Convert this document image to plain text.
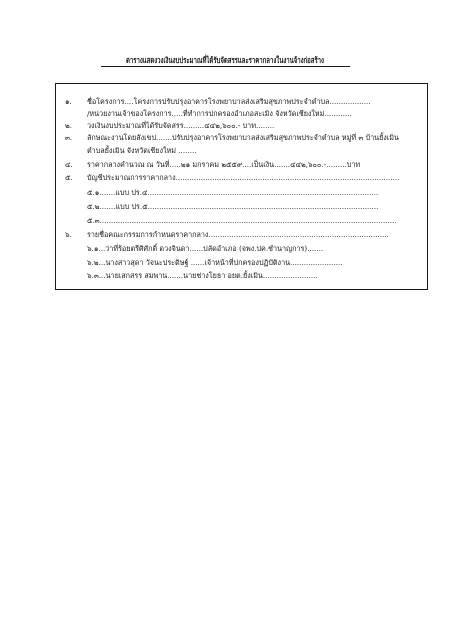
ตารางแสดงวงเงินงบประมาณที่ได้รับจัดสรรและราคากลางในงานจ้างก่อสร้าง
๑. ชื่อโครงการ....โครงการปรับปรุงอาคารโรงพยาบาลส่งเสริมสุขภาพประจำตำบล..................
/หน่วยงานเจ้าของโครงการ.....ที่ทำการปกครองอำเภอสะเมิง จังหวัดเชียงใหม่............
๒. วงเงินงบประมาณที่ได้รับจัดสรร.........๔๔๒,๖๐๐.- บาท........
๓. ลักษณะงานโดยสังเขป.......ปรับปรุงอาคารโรงพยาบาลส่งเสริมสุขภาพประจำตำบล หมู่ที่ ๓ บ้านยั้งเมิน
ตำบลยั้งเมิน จังหวัดเชียงใหม่ ........
๔. ราคากลางคำนวณ ณ วันที่.....๒๑ มกราคม ๒๕๕๙....เป็นเงิน.......๔๔๒,๖๐๐.-.........บาท
๕. บัญชีประมาณการราคากลาง..................................................................................................
๕.๑.......แบบ ปร.๔.....................................................................................................
๕.๒.......แบบ ปร.๕.....................................................................................................
๕.๓..................................................................................................................................
๖. รายชื่อคณะกรรมการกำหนดราคากลาง...............................................................................
๖.๑...ว่าที่ร้อยตรีศิศักดิ์ ดวงจินดา......ปลัดอำเภอ (จพง.ปค.ชำนาญการ).......
๖.๒...นางสาวสุดา วัจนะประดิษฐ์ ......เจ้าหน้าที่ปกครองปฏิบัติงาน.......................
๖.๓...นายเสกสรร สมพาน.......นายช่างโยธา อยต.ยั้งเมิน........................
